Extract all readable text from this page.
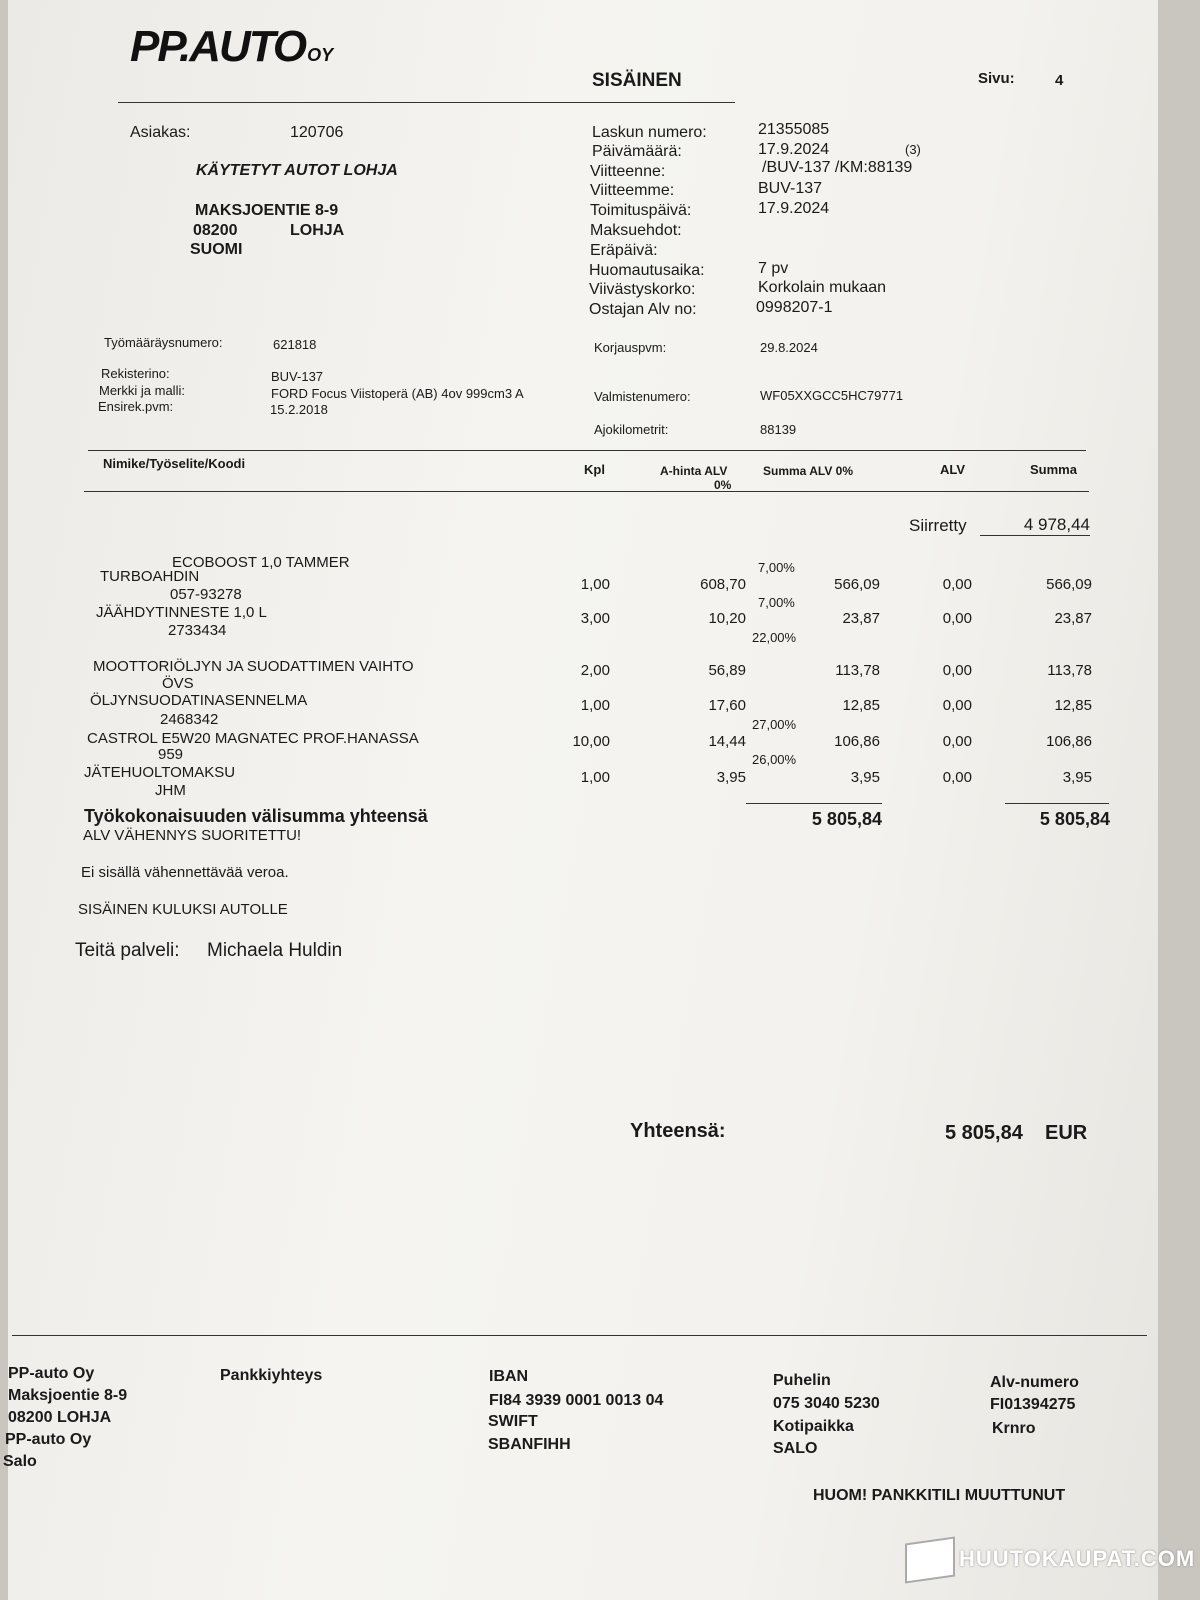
PP.AUTO OY
SISÄINEN	Sivu:	4
Asiakas:	120706
KÄYTETYT AUTOT LOHJA
MAKSJOENTIE 8-9
08200	LOHJA
SUOMI
Laskun numero:	21355085
Päivämäärä:	17.9.2024	(3)
Viitteenne:	/BUV-137 /KM:88139
Viitteemme:	BUV-137
Toimituspäivä:	17.9.2024
Maksuehdot:
Eräpäivä:
Huomautusaika:	7 pv
Viivästyskorko:	Korkolain mukaan
Ostajan Alv no:	0998207-1
Työmääräysnumero:	621818	Korjauspvm:	29.8.2024
Rekisterino:	BUV-137
Merkki ja malli:	FORD Focus Viistoperä (AB) 4ov 999cm3 A
Ensirek.pvm:	15.2.2018
Valmistenumero:	WF05XXGCC5HC79771
Ajokilometrit:	88139
Nimike/Työselite/Koodi	Kpl	A-hinta ALV
0%
Summa ALV 0%	ALV	Summa
Siirretty	4 978,44
ECOBOOST 1,0 TAMMER	7,00%
TURBOAHDIN	1,00	608,70	566,09	0,00	566,09
057-93278	7,00%
JÄÄHDYTINNESTE 1,0 L	3,00	10,20	23,87	0,00	23,87
2733434	22,00%
MOOTTORIÖLJYN JA SUODATTIMEN VAIHTO	2,00	56,89	113,78	0,00	113,78
ÖVS
ÖLJYNSUODATINASENNELMA	1,00	17,60	12,85	0,00	12,85
2468342	27,00%
CASTROL E5W20 MAGNATEC PROF.HANASSA	10,00	14,44	106,86	0,00	106,86
959	26,00%
JÄTEHUOLTOMAKSU	1,00	3,95	3,95	0,00	3,95
JHM
Työkokonaisuuden välisumma yhteensä	5 805,84	5 805,84
ALV VÄHENNYS SUORITETTU!
Ei sisällä vähennettävää veroa.
SISÄINEN KULUKSI AUTOLLE
Teitä palveli: Michaela Huldin
Yhteensä:	5 805,84 EUR
PP-auto Oy
Maksjoentie 8-9
08200 LOHJA
PP-auto Oy
Salo
Pankkiyhteys	IBAN
FI84 3939 0001 0013 04
SWIFT
SBANFIHH
Puhelin
075 3040 5230
Kotipaikka
SALO
Alv-numero
FI01394275
Krnro
HUOM! PANKKITILI MUUTTUNUT
HUUTOKAUPAT.COM
